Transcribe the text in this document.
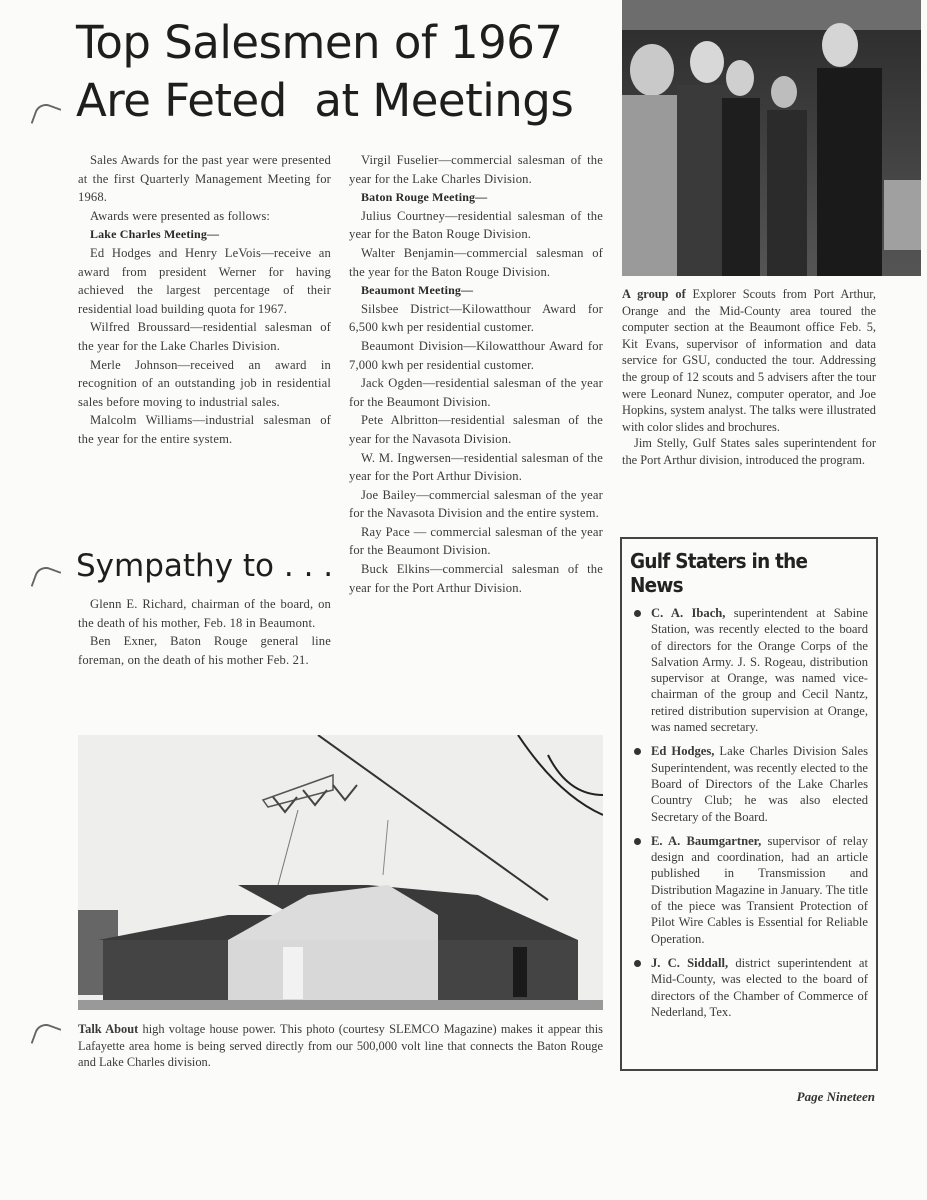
Top Salesmen of 1967
Are Feted  at Meetings

Sales Awards for the past year were presented at the first Quarterly Management Meeting for 1968.

Awards were presented as follows:

Lake Charles Meeting—

Ed Hodges and Henry LeVois—receive an award from president Werner for having achieved the largest percentage of their residential load building quota for 1967.

Wilfred Broussard—residential salesman of the year for the Lake Charles Division.

Merle Johnson—received an award in recognition of an outstanding job in residential sales before moving to industrial sales.

Malcolm Williams—industrial salesman of the year for the entire system.

Virgil Fuselier—commercial salesman of the year for the Lake Charles Division.

Baton Rouge Meeting—

Julius Courtney—residential salesman of the year for the Baton Rouge Division.

Walter Benjamin—commercial salesman of the year for the Baton Rouge Division.

Beaumont Meeting—

Silsbee District—Kilowatthour Award for 6,500 kwh per residential customer.

Beaumont Division—Kilowatthour Award for 7,000 kwh per residential customer.

Jack Ogden—residential salesman of the year for the Beaumont Division.

Pete Albritton—residential salesman of the year for the Navasota Division.

W. M. Ingwersen—residential salesman of the year for the Port Arthur Division.

Joe Bailey—commercial salesman of the year for the Navasota Division and the entire system.

Ray Pace — commercial salesman of the year for the Beaumont Division.

Buck Elkins—commercial salesman of the year for the Port Arthur Division.

Sympathy to . . .

Glenn E. Richard, chairman of the board, on the death of his mother, Feb. 18 in Beaumont.

Ben Exner, Baton Rouge general line foreman, on the death of his mother Feb. 21.

A group of Explorer Scouts from Port Arthur, Orange and the Mid-County area toured the computer section at the Beaumont office Feb. 5, Kit Evans, supervisor of information and data service for GSU, conducted the tour. Addressing the group of 12 scouts and 5 advisers after the tour were Leonard Nunez, computer operator, and Joe Hopkins, system analyst. The talks were illustrated with color slides and brochures.
Jim Stelly, Gulf States sales superintendent for the Port Arthur division, introduced the program.
Gulf Staters in the News
C. A. Ibach, superintendent at Sabine Station, was recently elected to the board of directors for the Orange Corps of the Salvation Army. J. S. Rogeau, distribution supervisor at Orange, was named vice-chairman of the group and Cecil Nantz, retired distribution supervision at Orange, was named secretary.
Ed Hodges, Lake Charles Division Sales Superintendent, was recently elected to the Board of Directors of the Lake Charles Country Club; he was also elected Secretary of the Board.
E. A. Baumgartner, supervisor of relay design and coordination, had an article published in Transmission and Distribution Magazine in January. The title of the piece was Transient Protection of Pilot Wire Cables is Essential for Reliable Operation.
J. C. Siddall, district superintendent at Mid-County, was elected to the board of directors of the Chamber of Commerce of Nederland, Tex.
Talk About high voltage house power. This photo (courtesy SLEMCO Magazine) makes it appear this Lafayette area home is being served directly from our 500,000 volt line that connects the Baton Rouge and Lake Charles division.
Page Nineteen
